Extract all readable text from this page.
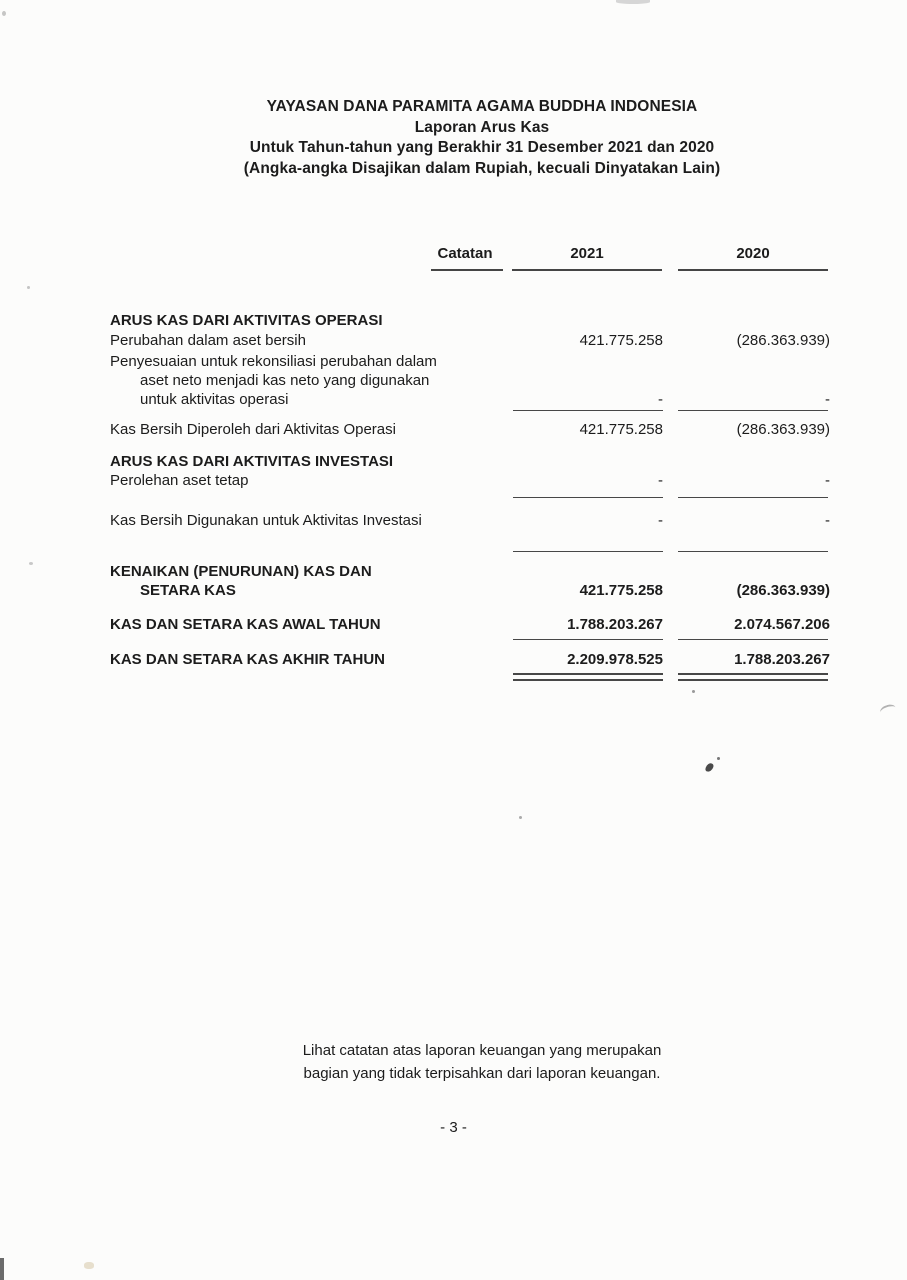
YAYASAN DANA PARAMITA AGAMA BUDDHA INDONESIA
Laporan Arus Kas
Untuk Tahun-tahun yang Berakhir 31 Desember 2021 dan 2020
(Angka-angka Disajikan dalam Rupiah, kecuali Dinyatakan Lain)
Catatan	2021	2020
ARUS KAS DARI AKTIVITAS OPERASI
Perubahan dalam aset bersih	421.775.258	(286.363.939)
Penyesuaian untuk rekonsiliasi perubahan dalam
aset neto menjadi kas neto yang digunakan
untuk aktivitas operasi	-	-
Kas Bersih Diperoleh dari Aktivitas Operasi	421.775.258	(286.363.939)
ARUS KAS DARI AKTIVITAS INVESTASI
Perolehan aset tetap	-	-
Kas Bersih Digunakan untuk Aktivitas Investasi	-	-
KENAIKAN (PENURUNAN) KAS DAN
SETARA KAS	421.775.258	(286.363.939)
KAS DAN SETARA KAS AWAL TAHUN	1.788.203.267	2.074.567.206
KAS DAN SETARA KAS AKHIR TAHUN	2.209.978.525	1.788.203.267
Lihat catatan atas laporan keuangan yang merupakan
bagian yang tidak terpisahkan dari laporan keuangan.
- 3 -
